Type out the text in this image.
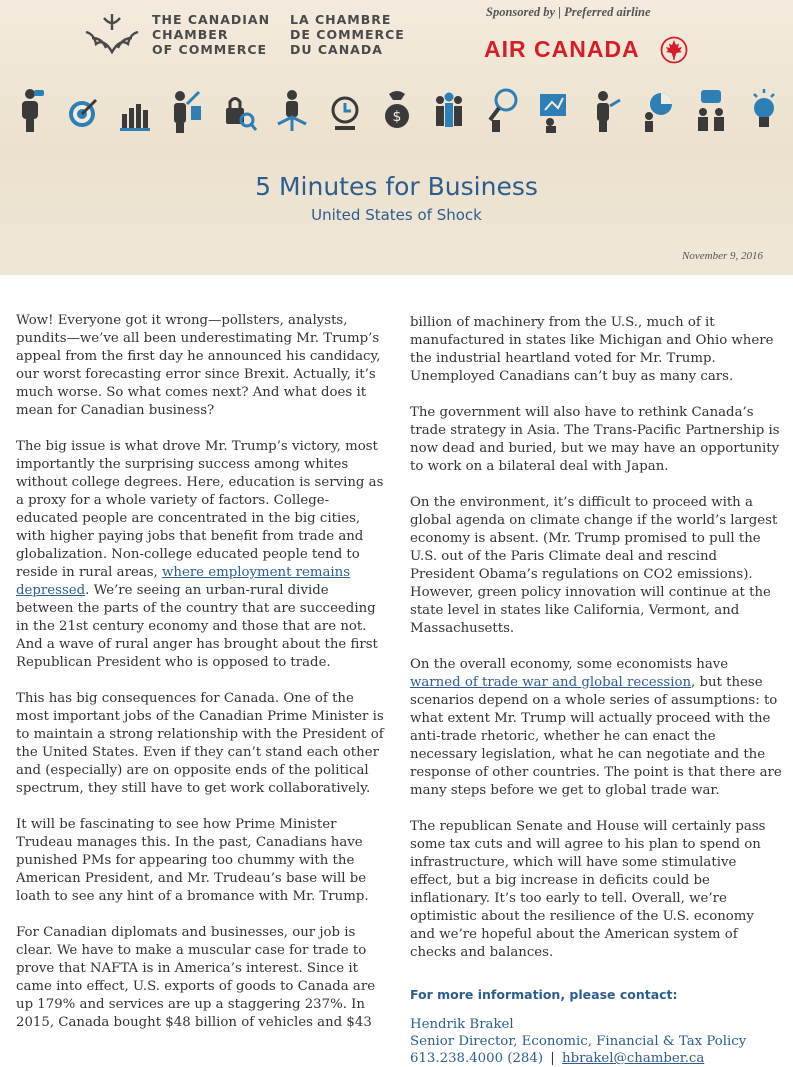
THE CANADIAN
CHAMBER
OF COMMERCE
LA CHAMBRE
DE COMMERCE
DU CANADA
Sponsored by | Preferred airline
AIR CANADA
$
5 Minutes for Business
United States of Shock
November 9, 2016

Wow! Everyone got it wrong—pollsters, analysts, pundits—we’ve all been underestimating Mr. Trump’s appeal from the first day he announced his candidacy, our worst forecasting error since Brexit. Actually, it’s much worse. So what comes next? And what does it mean for Canadian business?

The big issue is what drove Mr. Trump’s victory, most importantly the surprising success among whites without college degrees. Here, education is serving as a proxy for a whole variety of factors. College-educated people are concentrated in the big cities, with higher paying jobs that benefit from trade and globalization. Non-college educated people tend to reside in rural areas, where employment remains depressed. We’re seeing an urban-rural divide between the parts of the country that are succeeding in the 21st century economy and those that are not. And a wave of rural anger has brought about the first Republican President who is opposed to trade.

This has big consequences for Canada. One of the most important jobs of the Canadian Prime Minister is to maintain a strong relationship with the President of the United States. Even if they can’t stand each other and (especially) are on opposite ends of the political spectrum, they still have to get work collaboratively.

It will be fascinating to see how Prime Minister Trudeau manages this. In the past, Canadians have punished PMs for appearing too chummy with the American President, and Mr. Trudeau’s base will be loath to see any hint of a bromance with Mr. Trump.

For Canadian diplomats and businesses, our job is clear. We have to make a muscular case for trade to prove that NAFTA is in America’s interest. Since it came into effect, U.S. exports of goods to Canada are up 179% and services are up a staggering 237%. In 2015, Canada bought $48 billion of vehicles and $43

billion of machinery from the U.S., much of it manufactured in states like Michigan and Ohio where the industrial heartland voted for Mr. Trump. Unemployed Canadians can’t buy as many cars.

The government will also have to rethink Canada’s trade strategy in Asia. The Trans-Pacific Partnership is now dead and buried, but we may have an opportunity to work on a bilateral deal with Japan.

On the environment, it’s difficult to proceed with a global agenda on climate change if the world’s largest economy is absent. (Mr. Trump promised to pull the U.S. out of the Paris Climate deal and rescind President Obama’s regulations on CO2 emissions). However, green policy innovation will continue at the state level in states like California, Vermont, and Massachusetts.

On the overall economy, some economists have warned of trade war and global recession, but these scenarios depend on a whole series of assumptions: to what extent Mr. Trump will actually proceed with the anti-trade rhetoric, whether he can enact the necessary legislation, what he can negotiate and the response of other countries. The point is that there are many steps before we get to global trade war.

The republican Senate and House will certainly pass some tax cuts and will agree to his plan to spend on infrastructure, which will have some stimulative effect, but a big increase in deficits could be inflationary. It’s too early to tell. Overall, we’re optimistic about the resilience of the U.S. economy and we’re hopeful about the American system of checks and balances.

For more information, please contact:
Hendrik Brakel
Senior Director, Economic, Financial & Tax Policy
613.238.4000 (284) | hbrakel@chamber.ca
